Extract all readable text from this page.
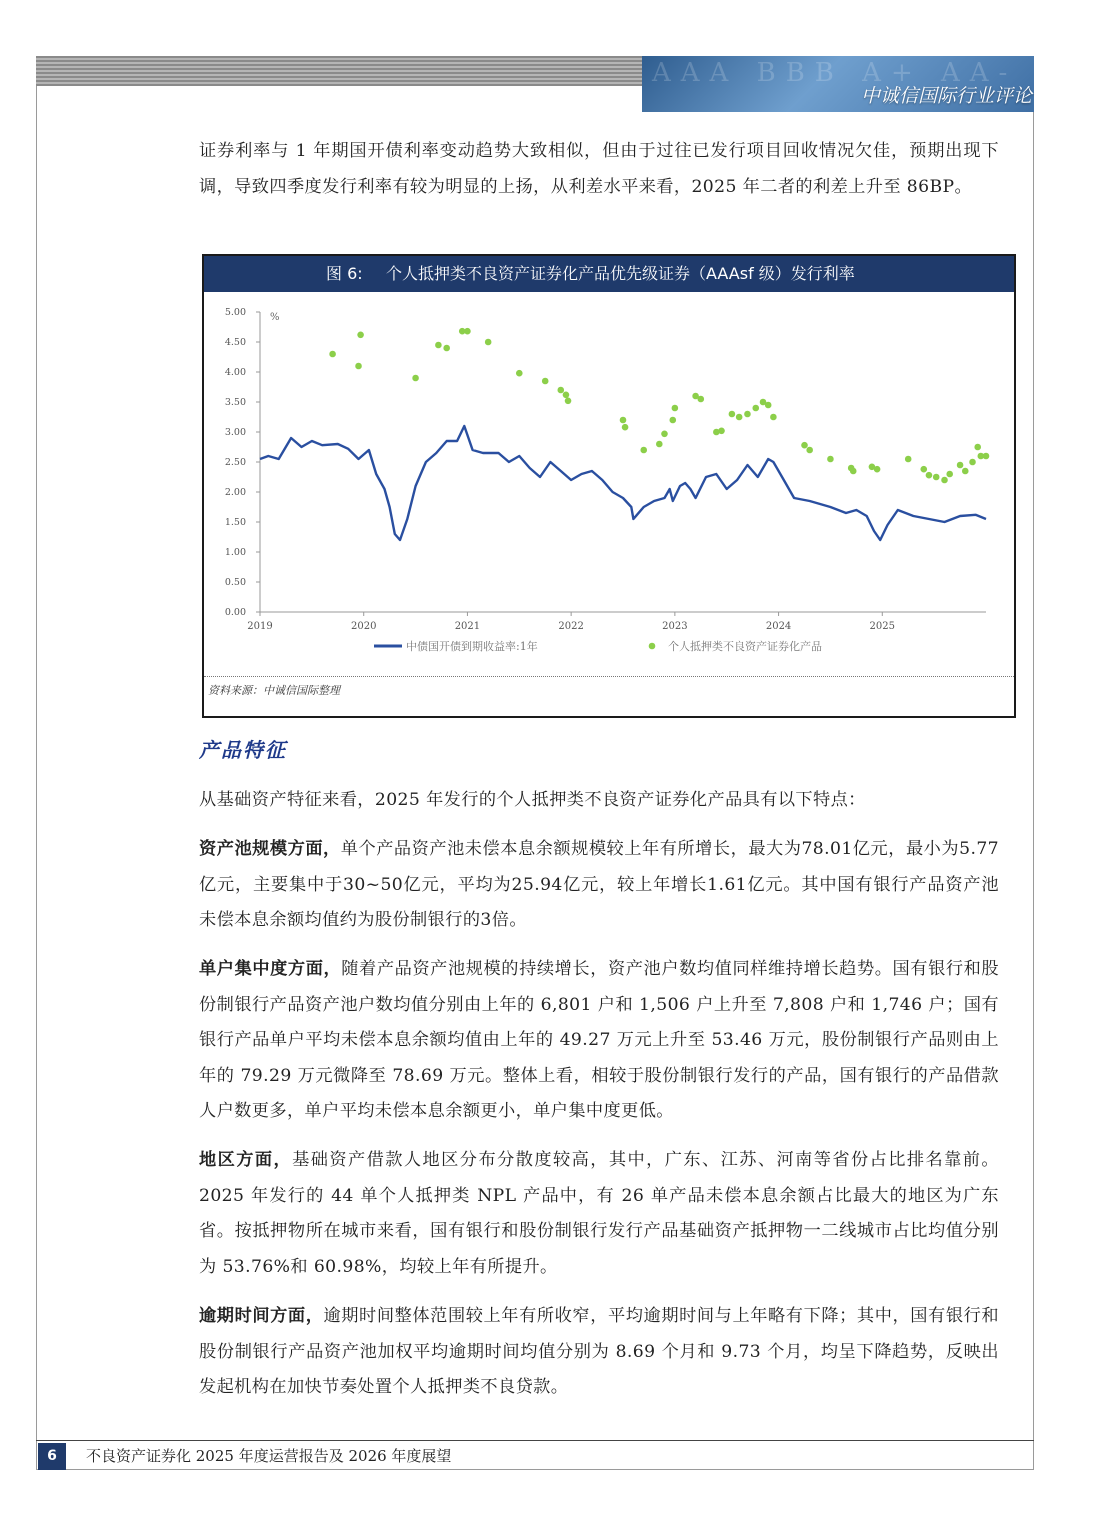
AAA BBB A+ AA- CC
中诚信国际行业评论
证券利率与 1 年期国开债利率变动趋势大致相似，但由于过往已发行项目回收情况欠佳，预期出现下调，导致四季度发行利率有较为明显的上扬，从利差水平来看，2025 年二者的利差上升至 86BP。
图 6: 个人抵押类不良资产证券化产品优先级证券（AAAsf 级）发行利率
0.00
0.50
1.00
1.50
2.00
2.50
3.00
3.50
4.00
4.50
5.00 %
2019	2020	2021	2022	2023	2024	2025
中债国开债到期收益率:1年	个人抵押类不良资产证券化产品
资料来源：中诚信国际整理
产品特征
从基础资产特征来看，2025 年发行的个人抵押类不良资产证券化产品具有以下特点：
资产池规模方面，单个产品资产池未偿本息余额规模较上年有所增长，最大为78.01亿元，最小为5.77亿元，主要集中于30~50亿元，平均为25.94亿元，较上年增长1.61亿元。其中国有银行产品资产池未偿本息余额均值约为股份制银行的3倍。
单户集中度方面，随着产品资产池规模的持续增长，资产池户数均值同样维持增长趋势。国有银行和股份制银行产品资产池户数均值分别由上年的 6,801 户和 1,506 户上升至 7,808 户和 1,746 户；国有银行产品单户平均未偿本息余额均值由上年的 49.27 万元上升至 53.46 万元，股份制银行产品则由上年的 79.29 万元微降至 78.69 万元。整体上看，相较于股份制银行发行的产品，国有银行的产品借款人户数更多，单户平均未偿本息余额更小，单户集中度更低。
地区方面，基础资产借款人地区分布分散度较高，其中，广东、江苏、河南等省份占比排名靠前。2025 年发行的 44 单个人抵押类 NPL 产品中，有 26 单产品未偿本息余额占比最大的地区为广东省。按抵押物所在城市来看，国有银行和股份制银行发行产品基础资产抵押物一二线城市占比均值分别为 53.76%和 60.98%，均较上年有所提升。
逾期时间方面，逾期时间整体范围较上年有所收窄，平均逾期时间与上年略有下降；其中，国有银行和股份制银行产品资产池加权平均逾期时间均值分别为 8.69 个月和 9.73 个月，均呈下降趋势，反映出发起机构在加快节奏处置个人抵押类不良贷款。
6	不良资产证券化 2025 年度运营报告及 2026 年度展望
